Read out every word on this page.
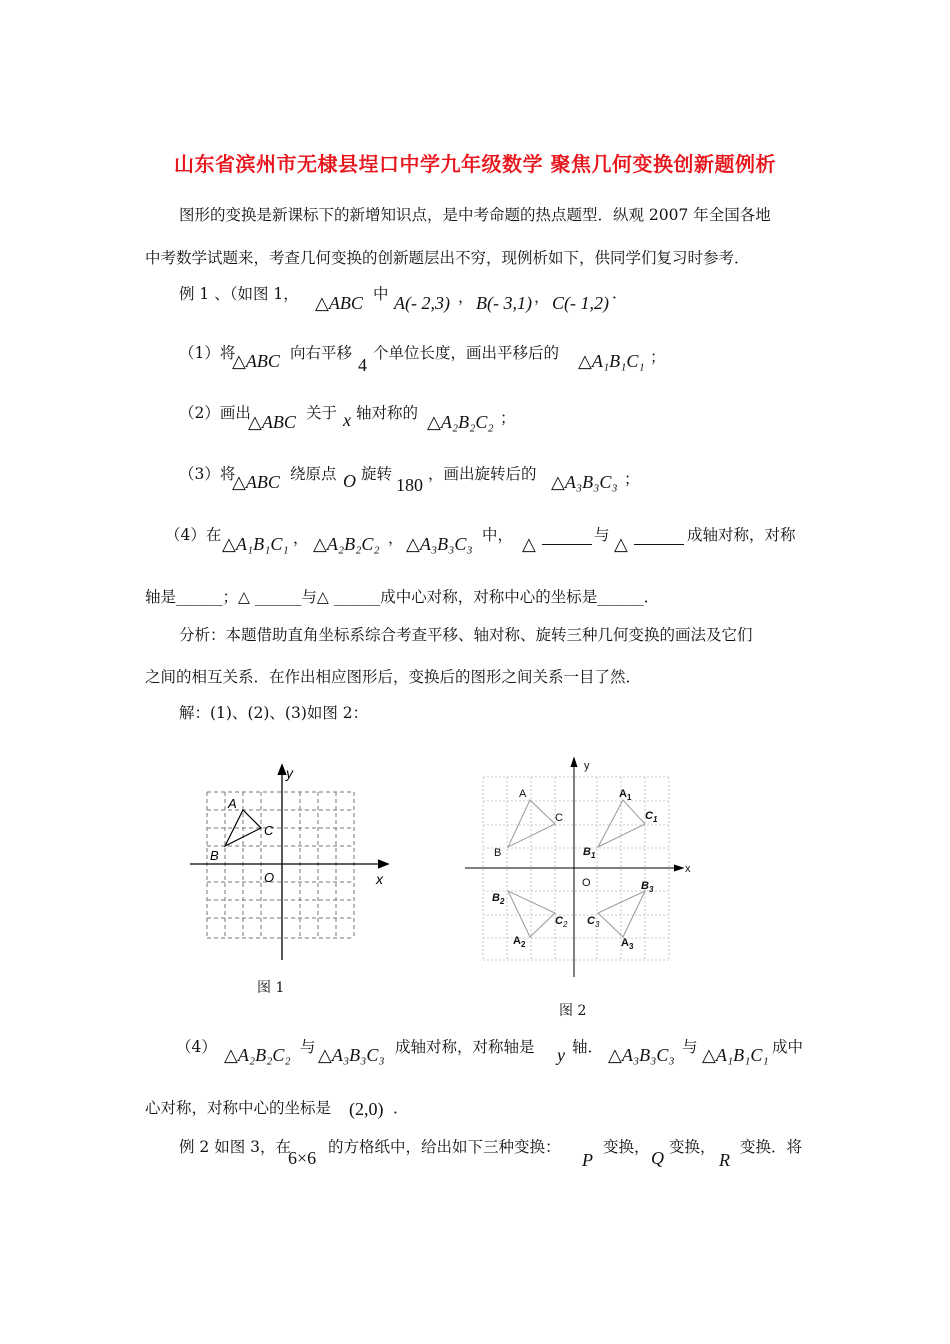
山东省滨州市无棣县埕口中学九年级数学 聚焦几何变换创新题例析
图形的变换是新课标下的新增知识点，是中考命题的热点题型．纵观 2007 年全国各地
中考数学试题来，考查几何变换的创新题层出不穷，现例析如下，供同学们复习时参考．
例 1 、（如图 1， △ABC 中 A(- 2,3) ， B(- 3,1) ， C(- 1,2) ．
（1）将
△ABC 向右平移
4
个单位长度，画出平移后的 △A₁B₁C₁ ；
（2）画出
△ABC 关于 x 轴对称的 △A₂B₂C₂ ；
（3）将
△ABC 绕原点 O 旋转
180
，画出旋转后的 △A₃B₃C₃ ；
（4）在 △A₁B₁C₁ ， △A₂B₂C₂ ， △A₃B₃C₃ 中， △	与 △	成轴对称，对称
轴是______；△ ______与△ ______成中心对称，对称中心的坐标是______．
分析：本题借助直角坐标系综合考查平移、轴对称、旋转三种几何变换的画法及它们
之间的相互关系．在作出相应图形后，变换后的图形之间关系一目了然．
解：(1)、(2)、(3)如图 2：
y
x
O
A
B
C
图 1
y
x
O
A
B
C
$A_1$
$C_1$
$B_1$
$B_2$
$A_2$
$C_2$
$B_3$
$C_3$
$A_3$
图 2
（4） △A₂B₂C₂ 与 △A₃B₃C₃ 成轴对称，对称轴是 y 轴． △A₃B₃C₃ 与 △A₁B₁C₁ 成中
心对称，对称中心的坐标是 (2,0) ．
例 2 如图 3，在
6×6
的方格纸中，给出如下三种变换：
P
变换，
Q
变换，
R
变换．将
